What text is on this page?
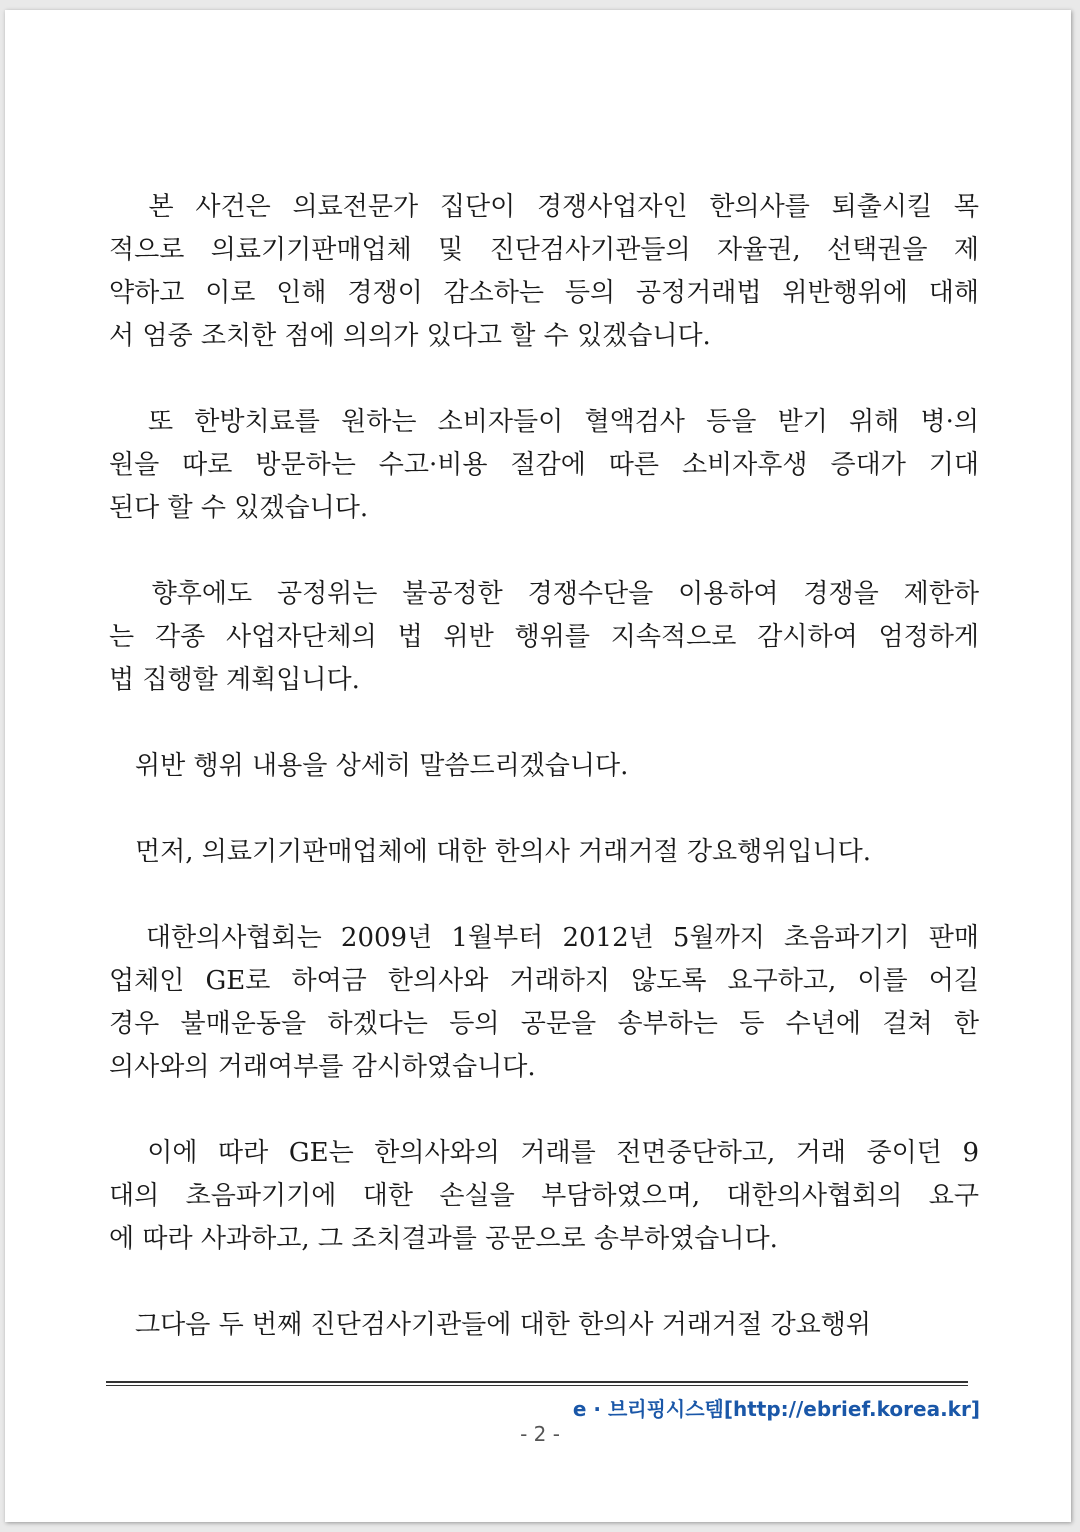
　본 사건은 의료전문가 집단이 경쟁사업자인 한의사를 퇴출시킬 목
적으로 의료기기판매업체 및 진단검사기관들의 자율권, 선택권을 제
약하고 이로 인해 경쟁이 감소하는 등의 공정거래법 위반행위에 대해
서 엄중 조치한 점에 의의가 있다고 할 수 있겠습니다.
　또 한방치료를 원하는 소비자들이 혈액검사 등을 받기 위해 병·의
원을 따로 방문하는 수고·비용 절감에 따른 소비자후생 증대가 기대
된다 할 수 있겠습니다.
　향후에도 공정위는 불공정한 경쟁수단을 이용하여 경쟁을 제한하
는 각종 사업자단체의 법 위반 행위를 지속적으로 감시하여 엄정하게
법 집행할 계획입니다.
　위반 행위 내용을 상세히 말씀드리겠습니다.
　먼저, 의료기기판매업체에 대한 한의사 거래거절 강요행위입니다.
　대한의사협회는 2009년 1월부터 2012년 5월까지 초음파기기 판매
업체인 GE로 하여금 한의사와 거래하지 않도록 요구하고, 이를 어길
경우 불매운동을 하겠다는 등의 공문을 송부하는 등 수년에 걸쳐 한
의사와의 거래여부를 감시하였습니다.
　이에 따라 GE는 한의사와의 거래를 전면중단하고, 거래 중이던 9
대의 초음파기기에 대한 손실을 부담하였으며, 대한의사협회의 요구
에 따라 사과하고, 그 조치결과를 공문으로 송부하였습니다.
　그다음 두 번째 진단검사기관들에 대한 한의사 거래거절 강요행위
e · 브리핑시스템[http://ebrief.korea.kr]
- 2 -
